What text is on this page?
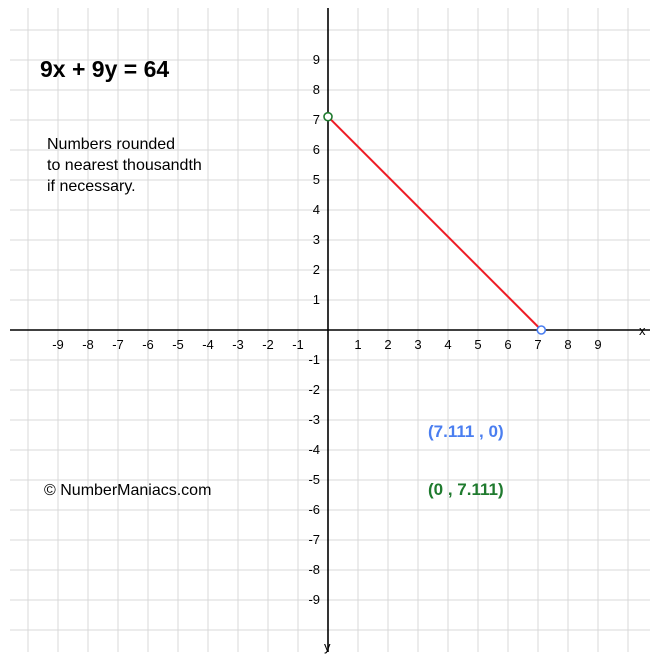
x
y
-9 -8 -7 -6 -5 -4 -3 -2 -1	1 2 3 4 5 6 7 8 9
9
8
7
6
5
4
3
2
1
-1
-2
-3
-4
-5
-6
-7
-8
-9
9x + 9y = 64
Numbers rounded
to nearest thousandth
if necessary.
(7.111 , 0)
(0 , 7.111)
© NumberManiacs.com
